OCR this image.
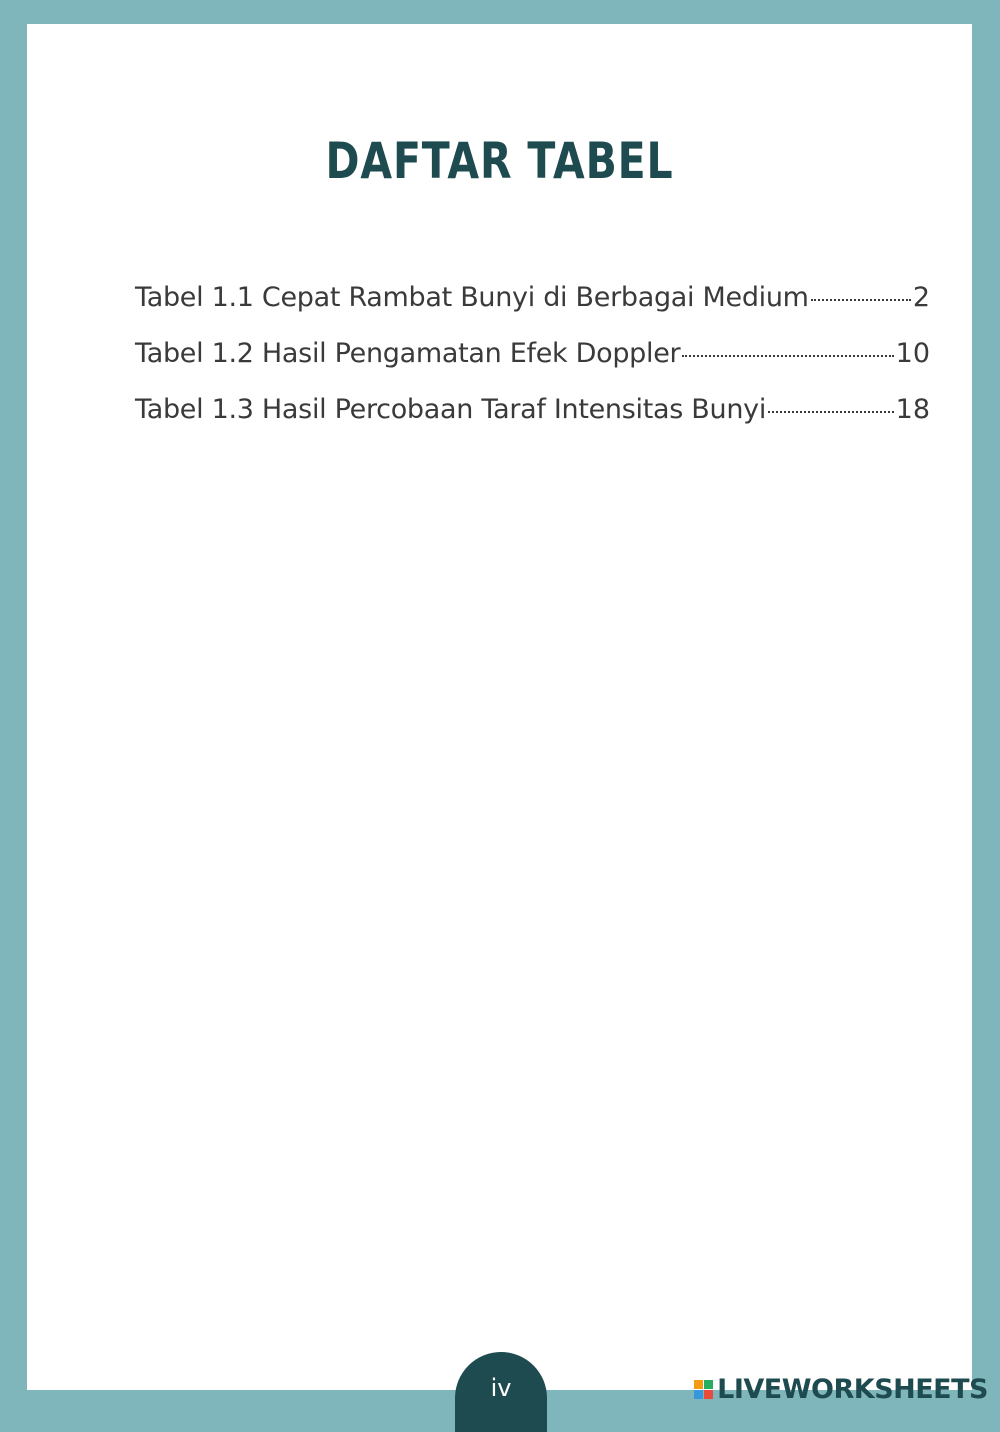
DAFTAR TABEL
Tabel 1.1 Cepat Rambat Bunyi di Berbagai Medium	2
Tabel 1.2 Hasil Pengamatan Efek Doppler	10
Tabel 1.3 Hasil Percobaan Taraf Intensitas Bunyi	18
iv	LIVEWORKSHEETS
